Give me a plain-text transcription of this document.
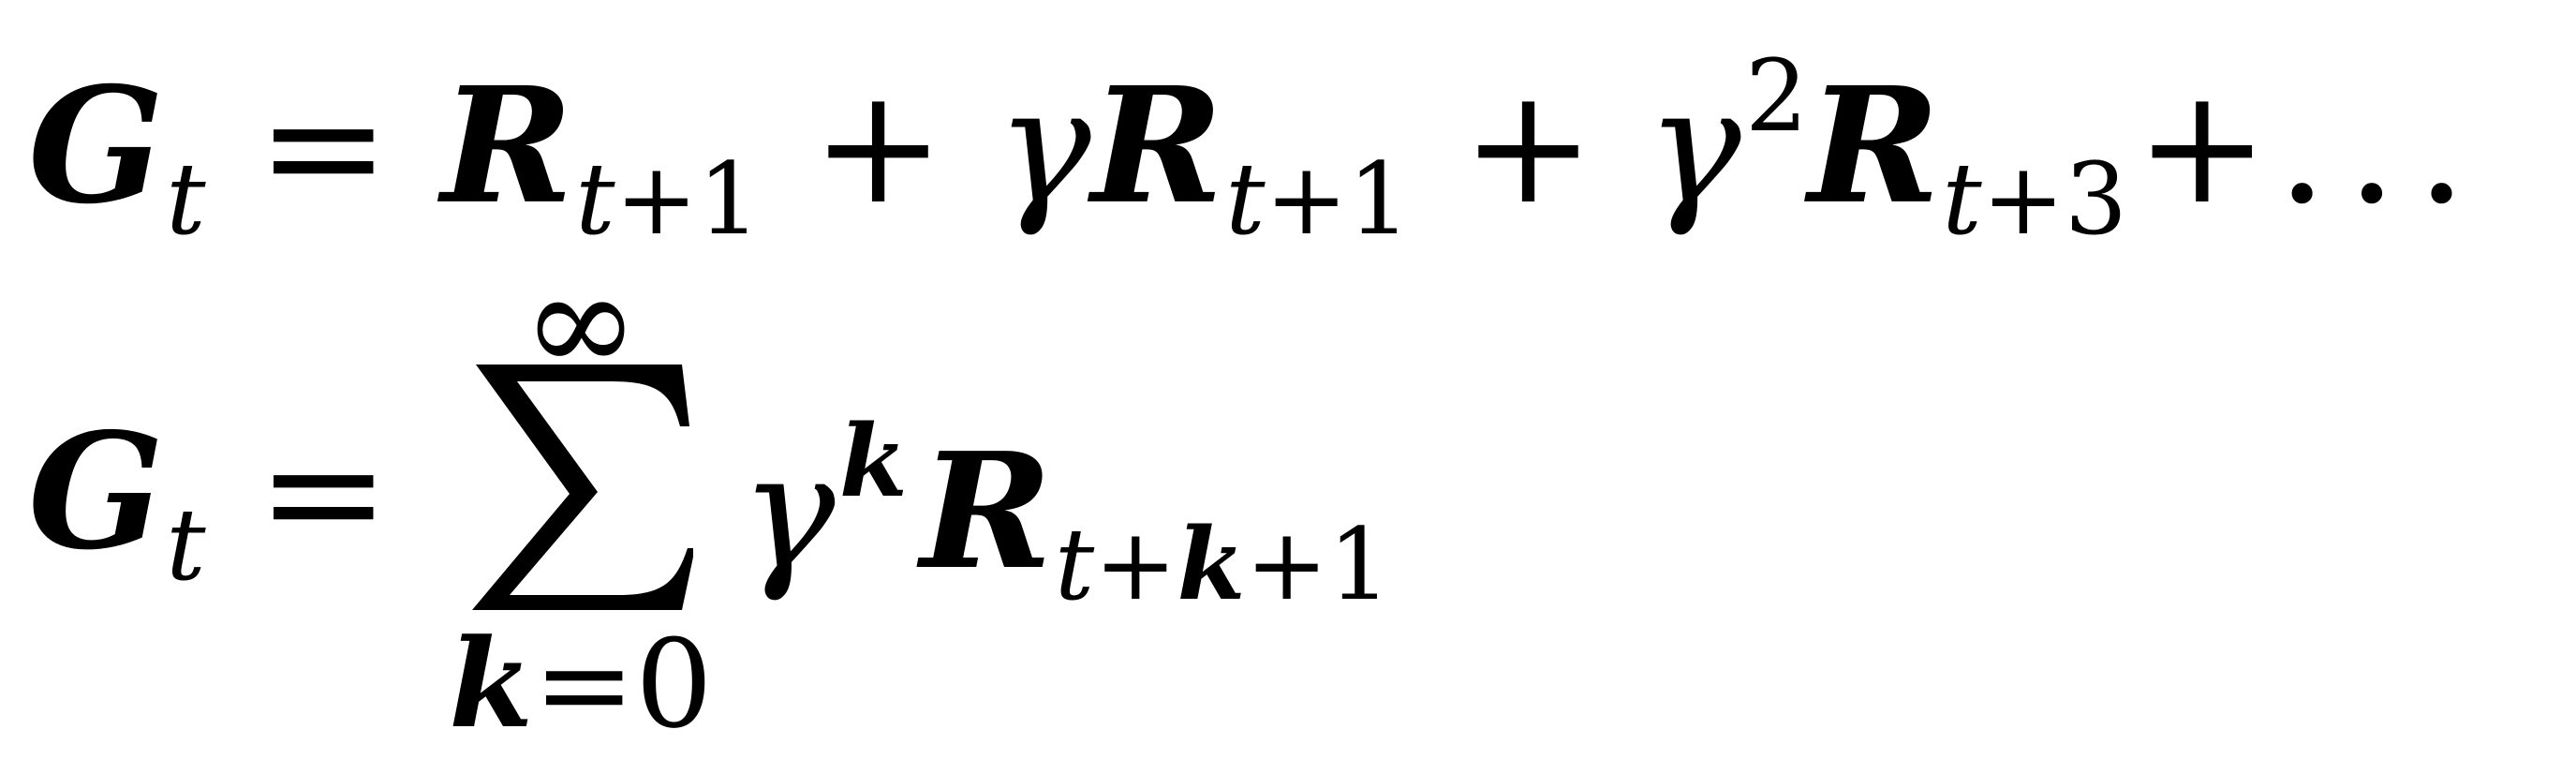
$G_t = R_{t+1} + \gamma R_{t+1} + \gamma^2R_{t+3}+$...
$G_t$ =
∞
k=0
$\gamma^kR_{t+k+1}$
